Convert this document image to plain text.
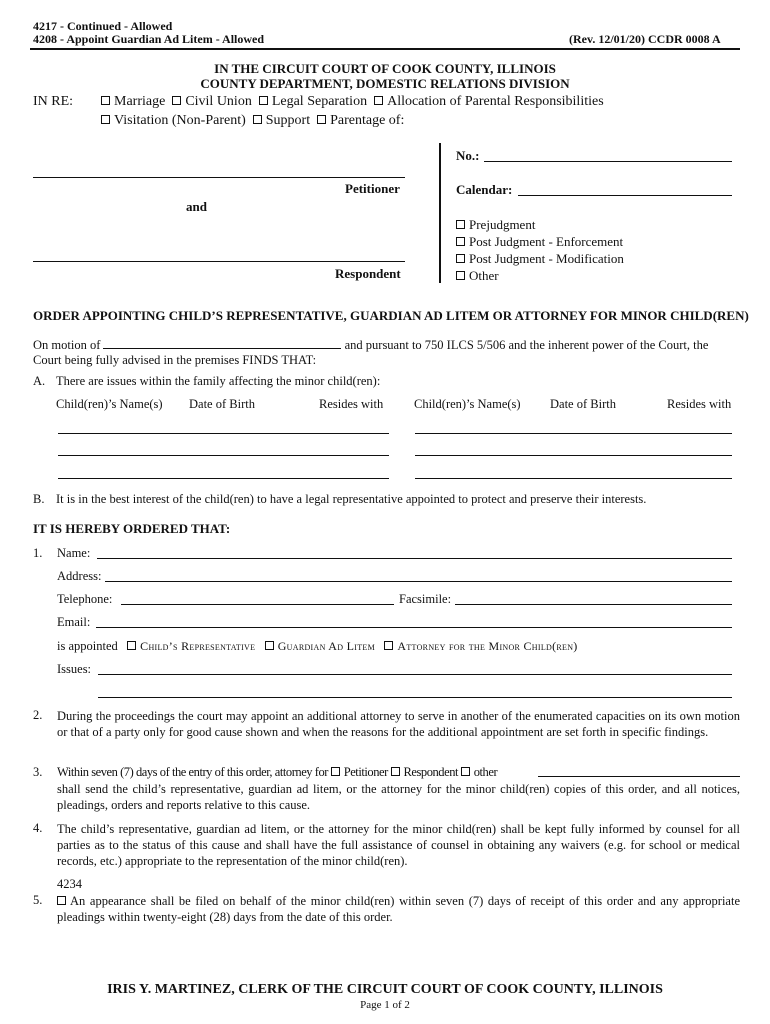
4217 - Continued - Allowed
4208 - Appoint Guardian Ad Litem - Allowed	(Rev. 12/01/20) CCDR 0008 A
IN THE CIRCUIT COURT OF COOK COUNTY, ILLINOIS
COUNTY DEPARTMENT, DOMESTIC RELATIONS DIVISION
IN RE:	Marriage Civil Union Legal Separation Allocation of Parental Responsibilities
Visitation (Non-Parent) Support Parentage of:
Petitioner
and
Respondent
No.:
Calendar:
Prejudgment
Post Judgment - Enforcement
Post Judgment - Modification
Other
ORDER APPOINTING CHILD’S REPRESENTATIVE, GUARDIAN AD LITEM OR ATTORNEY FOR MINOR CHILD(REN)
On motion of	and pursuant to 750 ILCS 5/506 and the inherent power of the Court, the
Court being fully advised in the premises FINDS THAT:
A. There are issues within the family affecting the minor child(ren):
Child(ren)’s Name(s) Date of Birth	Resides with Child(ren)’s Name(s) Date of Birth	Resides with
B. It is in the best interest of the child(ren) to have a legal representative appointed to protect and preserve their interests.
IT IS HEREBY ORDERED THAT:
1. Name:
Address:
Telephone:	Facsimile:
Email:
is appointed Child’s Representative Guardian Ad Litem Attorney for the Minor Child(ren)
Issues:
2. During the proceedings the court may appoint an additional attorney to serve in another of the enumerated capacities on its own motion or that of a party only for good cause shown and when the reasons for the additional appointment are set forth in specific findings.
3. Within seven (7) days of the entry of this order, attorney for Petitioner Respondent other
shall send the child’s representative, guardian ad litem, or the attorney for the minor child(ren) copies of this order, and all notices, pleadings, orders and reports relative to this cause.
4. The child’s representative, guardian ad litem, or the attorney for the minor child(ren) shall be kept fully informed by counsel for all parties as to the status of this cause and shall have the full assistance of counsel in obtaining any waivers (e.g. for school or medical records, etc.) appropriate to the representation of the minor child(ren).
4234
5.	An appearance shall be filed on behalf of the minor child(ren) within seven (7) days of receipt of this order and any appropriate pleadings within twenty-eight (28) days from the date of this order.
IRIS Y. MARTINEZ, CLERK OF THE CIRCUIT COURT OF COOK COUNTY, ILLINOIS
Page 1 of 2
